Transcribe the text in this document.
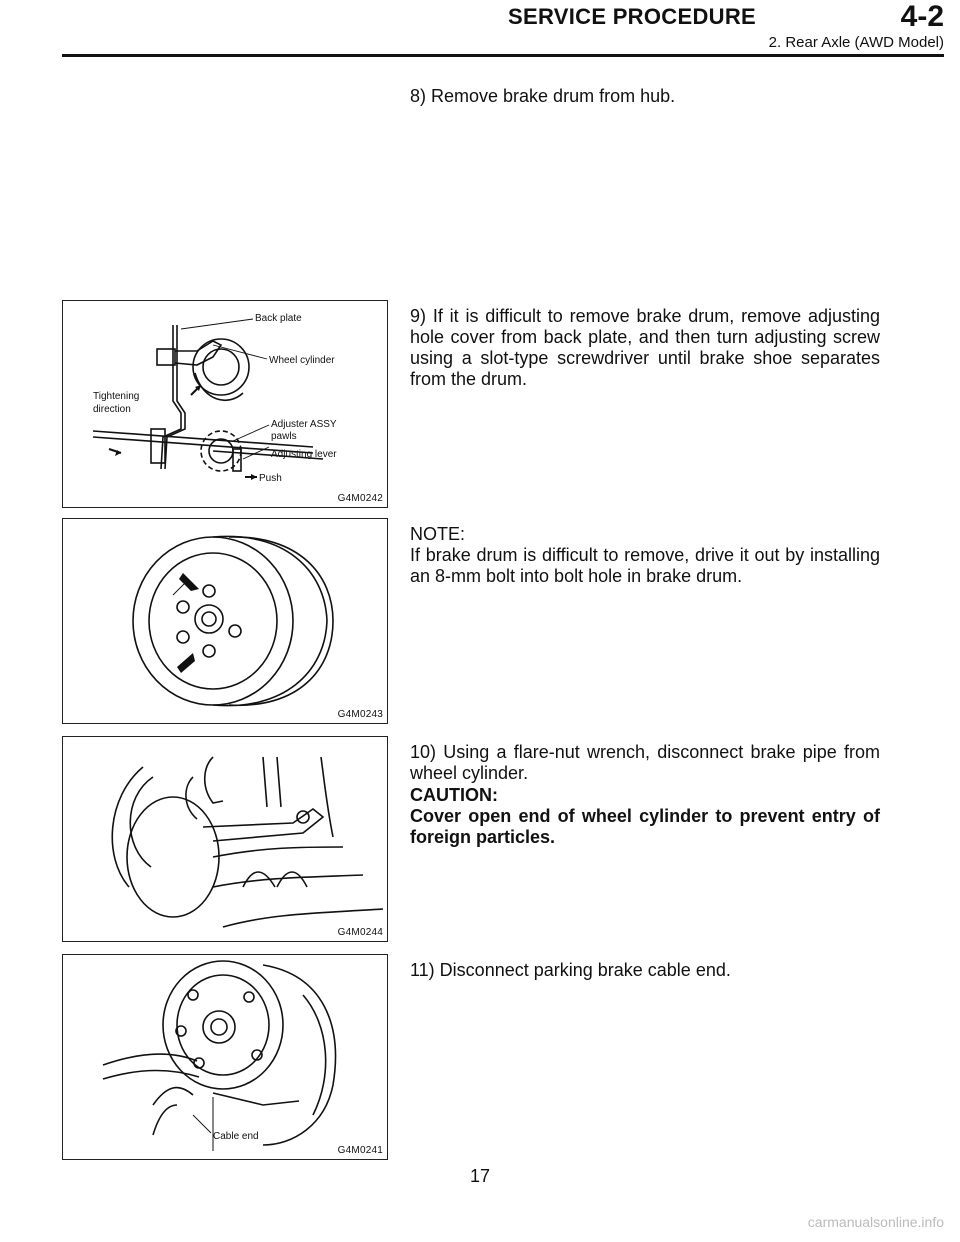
SERVICE PROCEDURE	4-2
2. Rear Axle (AWD Model)
8) Remove brake drum from hub.
Back plate
Wheel cylinder
Tightening
direction
Adjuster ASSY
pawls
Adjusting lever
Push
G4M0242
9) If it is difficult to remove brake drum, remove adjusting hole cover from back plate, and then turn adjusting screw using a slot-type screwdriver until brake shoe separates from the drum.
G4M0243
NOTE:
If brake drum is difficult to remove, drive it out by installing an 8-mm bolt into bolt hole in brake drum.
G4M0244
10) Using a flare-nut wrench, disconnect brake pipe from wheel cylinder.
CAUTION:
Cover open end of wheel cylinder to prevent entry of foreign particles.
Cable end
G4M0241
11) Disconnect parking brake cable end.
17
carmanualsonline.info
